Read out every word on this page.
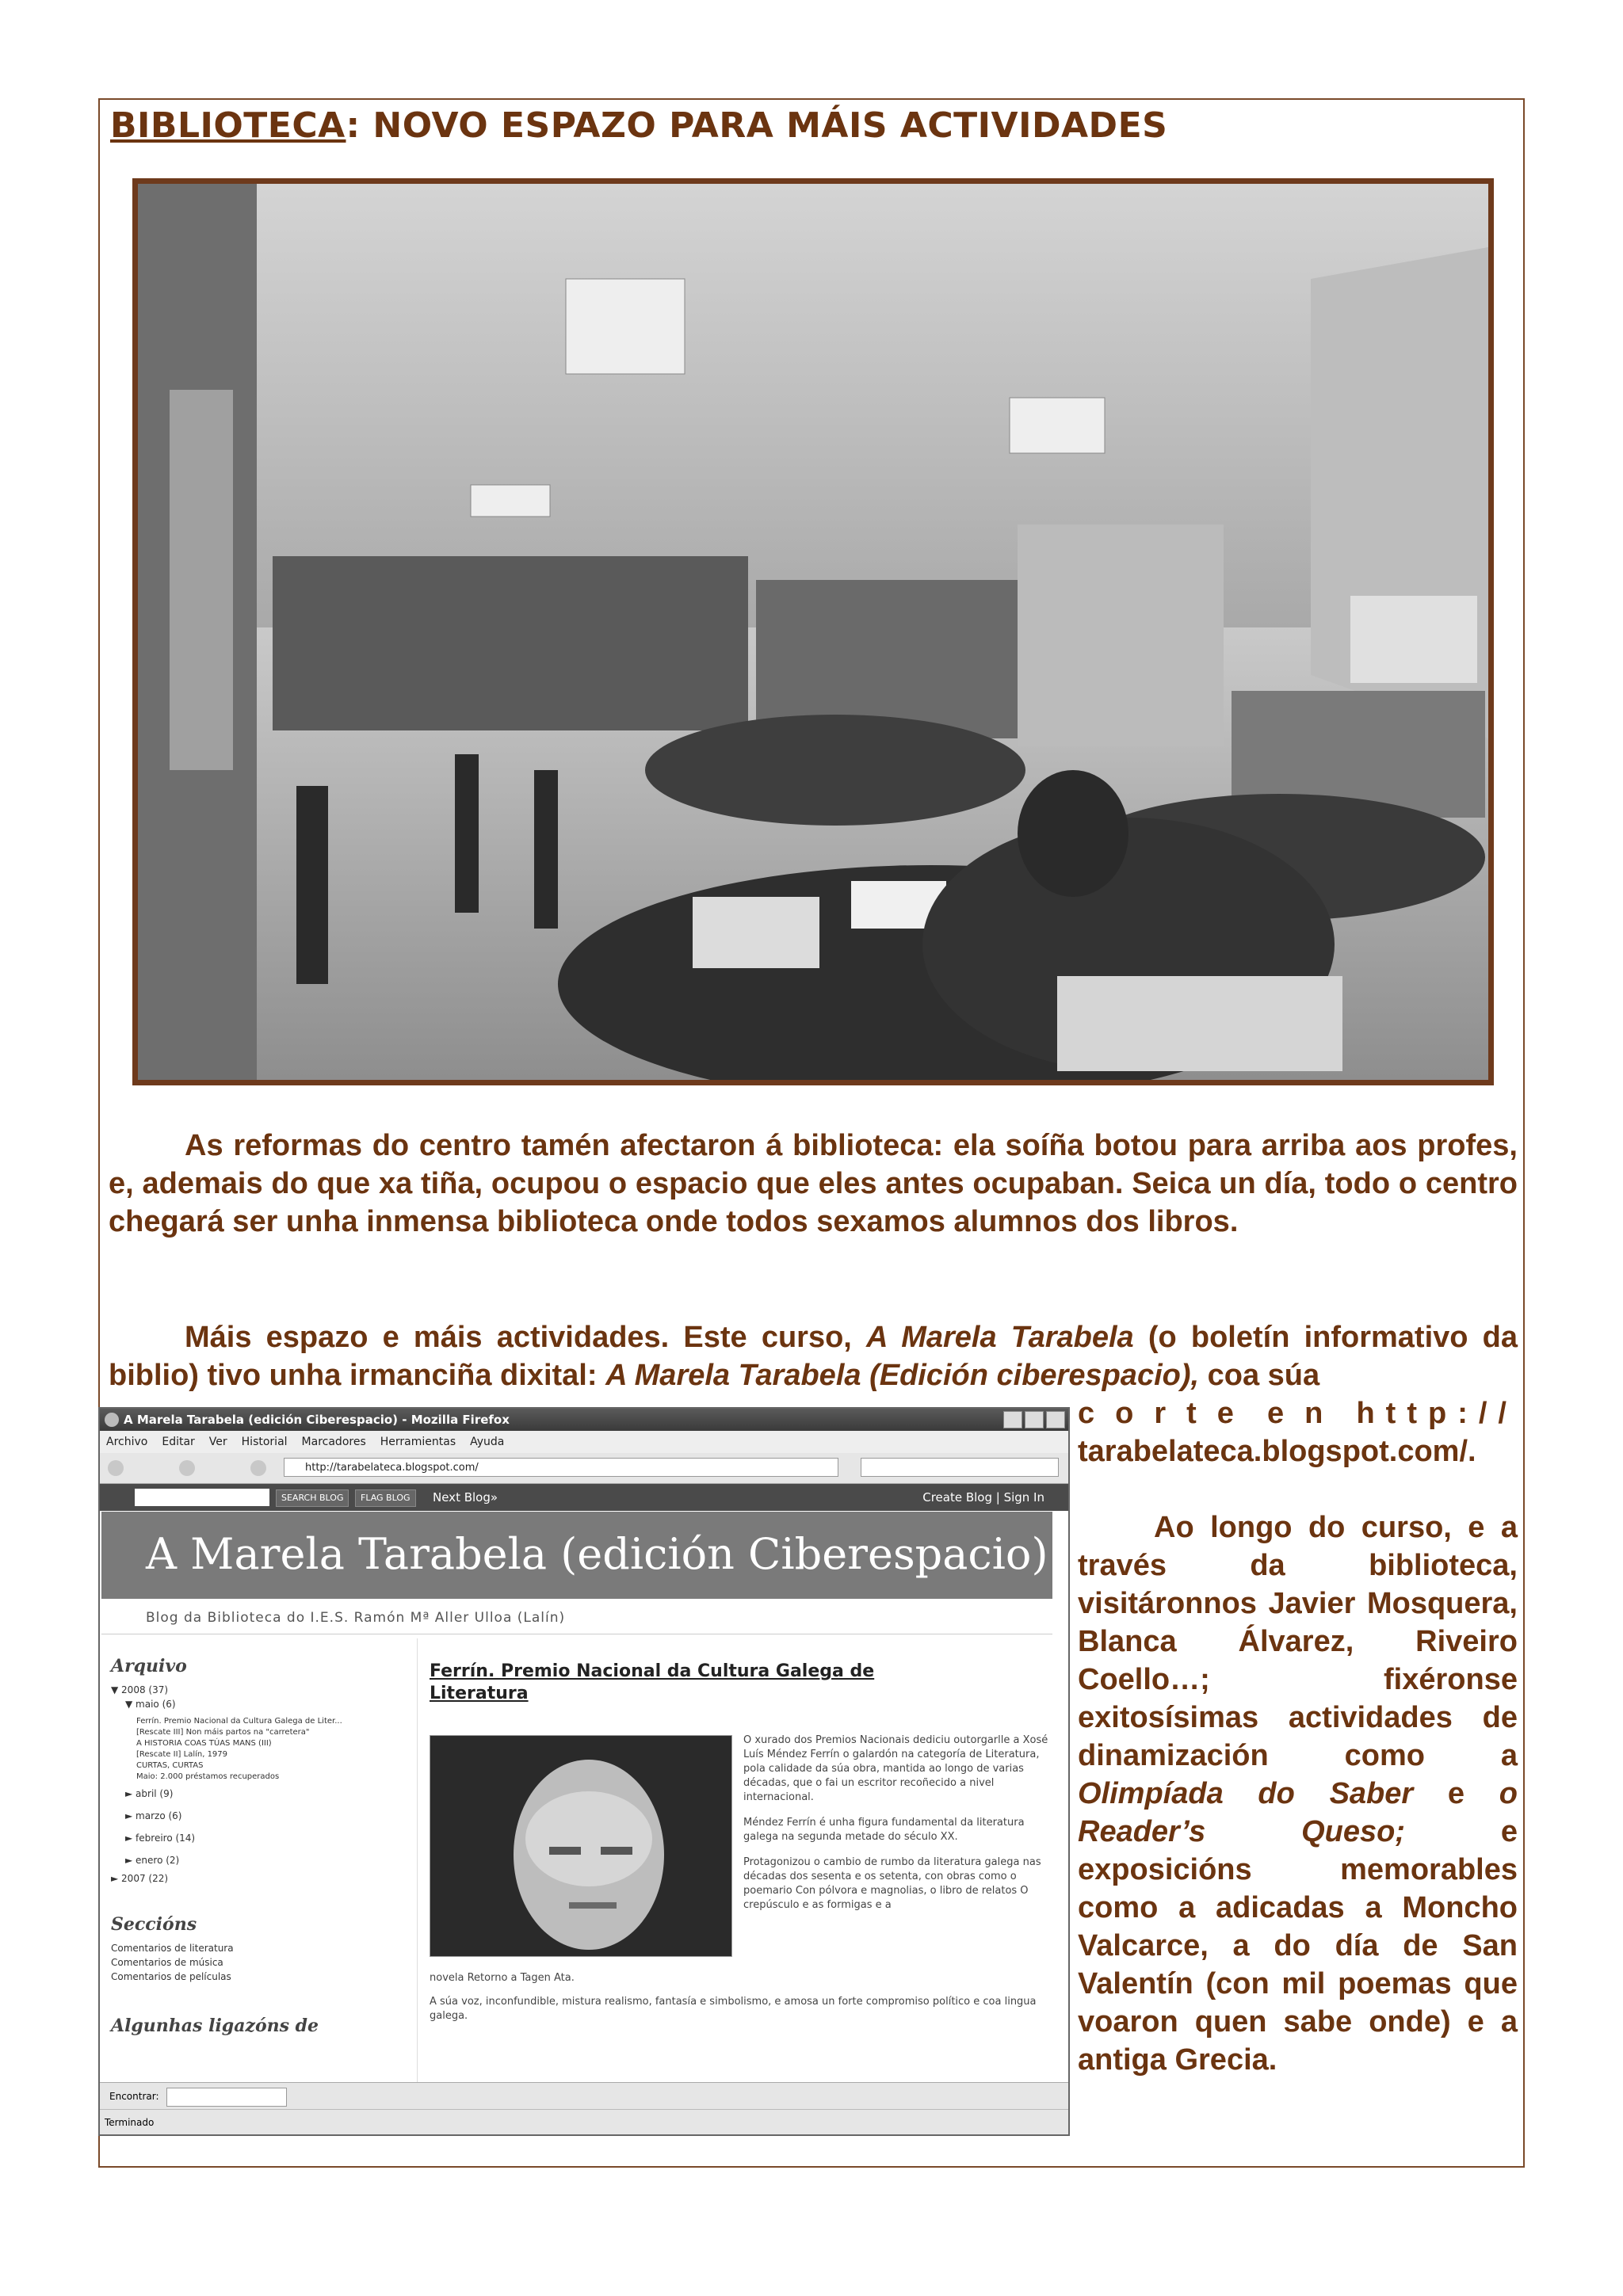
BIBLIOTECA: NOVO ESPAZO PARA MÁIS ACTIVIDADES

As reformas do centro tamén afectaron á biblioteca: ela soíña botou para arriba aos profes, e, ademais do que xa tiña, ocupou o espacio que eles antes ocupaban. Seica un día, todo o centro chegará ser unha inmensa biblioteca onde todos sexamos alumnos dos libros.

Máis espazo e máis actividades. Este curso, A Marela Tarabela (o boletín informativo da biblio) tivo unha irmanciña dixital: A Marela Tarabela (Edición ciberespacio), coa súa

corte en http://
tarabelateca.blogspot.com/.

Ao longo do curso, e a través da biblioteca, visitáronnos Javier Mosquera, Blanca Álvarez, Riveiro Coello…; fixéronse exitosísimas actividades de dinamización como a Olimpíada do Saber e o Reader’s Queso; e exposicións memorables como a adicadas a Moncho Valcarce, a do día de San Valentín (con mil poemas que voaron quen sabe onde) e a antiga Grecia.

A Marela Tarabela (edición Ciberespacio) - Mozilla Firefox
Archivo Editar Ver Historial Marcadores Herramientas Ayuda
http://tarabelateca.blogspot.com/
SEARCH BLOG	FLAG BLOG	Next Blog»	Create Blog | Sign In
A Marela Tarabela (edición Ciberespacio)
Blog da Biblioteca do I.E.S. Ramón Mª Aller Ulloa (Lalín)
Arquivo
▼ 2008 (37)
▼ maio (6)
Ferrín. Premio Nacional da Cultura Galega de Liter...
[Rescate III] Non máis partos na "carretera"
A HISTORIA COAS TÚAS MANS (III)
[Rescate II] Lalín, 1979
CURTAS, CURTAS
Maio: 2.000 préstamos recuperados
► abril (9)
► marzo (6)
► febreiro (14)
► enero (2)
► 2007 (22)
Seccións
Comentarios de literatura
Comentarios de música
Comentarios de películas
Algunhas ligazóns de
Ferrín. Premio Nacional da Cultura Galega de Literatura

O xurado dos Premios Nacionais dediciu outorgarlle a Xosé Luís Méndez Ferrín o galardón na categoría de Literatura, pola calidade da súa obra, mantida ao longo de varias décadas, que o fai un escritor recoñecido a nivel internacional.

Méndez Ferrín é unha figura fundamental da literatura galega na segunda metade do século XX.

Protagonizou o cambio de rumbo da literatura galega nas décadas dos sesenta e os setenta, con obras como o poemario Con pólvora e magnolias, o libro de relatos O crepúsculo e as formigas e a

novela Retorno a Tagen Ata.

A súa voz, inconfundible, mistura realismo, fantasía e simbolismo, e amosa un forte compromiso político e coa lingua galega.

Encontrar:
Terminado
